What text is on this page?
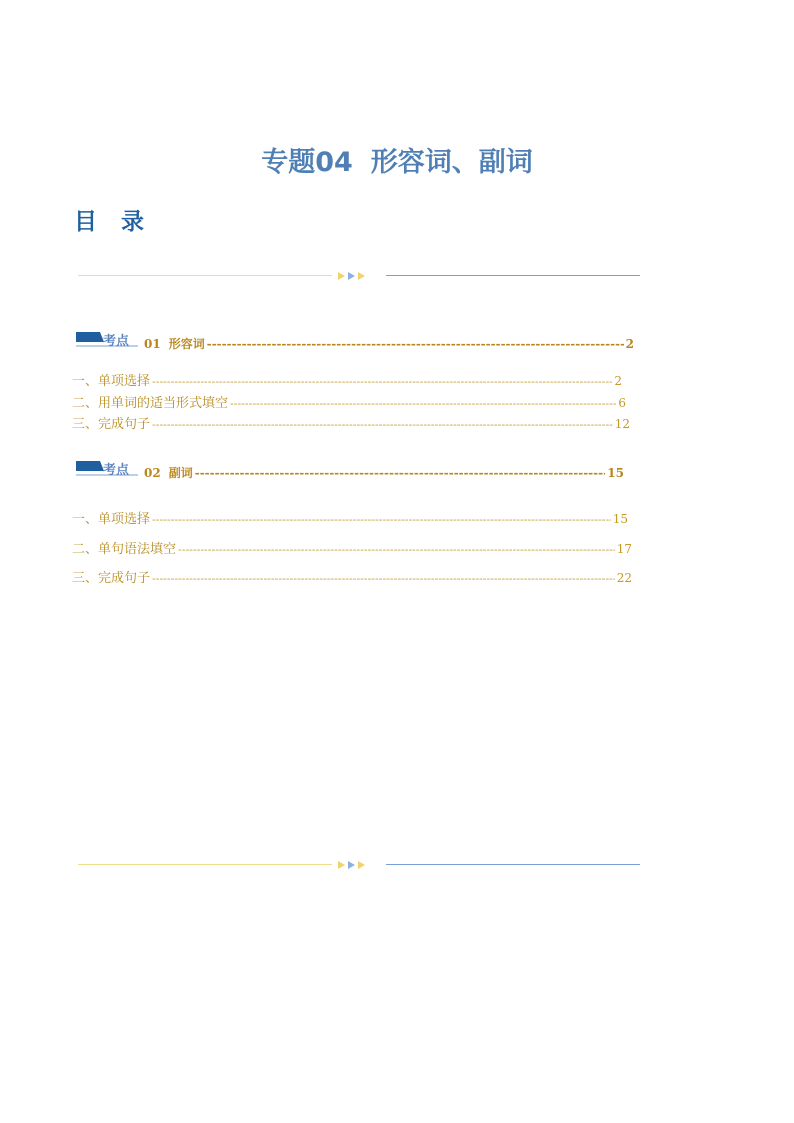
专题04 形容词、副词
目 录
考点 01 形容词 -----	2
一、单项选择 -----	2
二、用单词的适当形式填空 -----	6
三、完成句子 -----	12
考点 02 副词 -----	15
一、单项选择 -----	15
二、单句语法填空 -----	17
三、完成句子 -----	22
